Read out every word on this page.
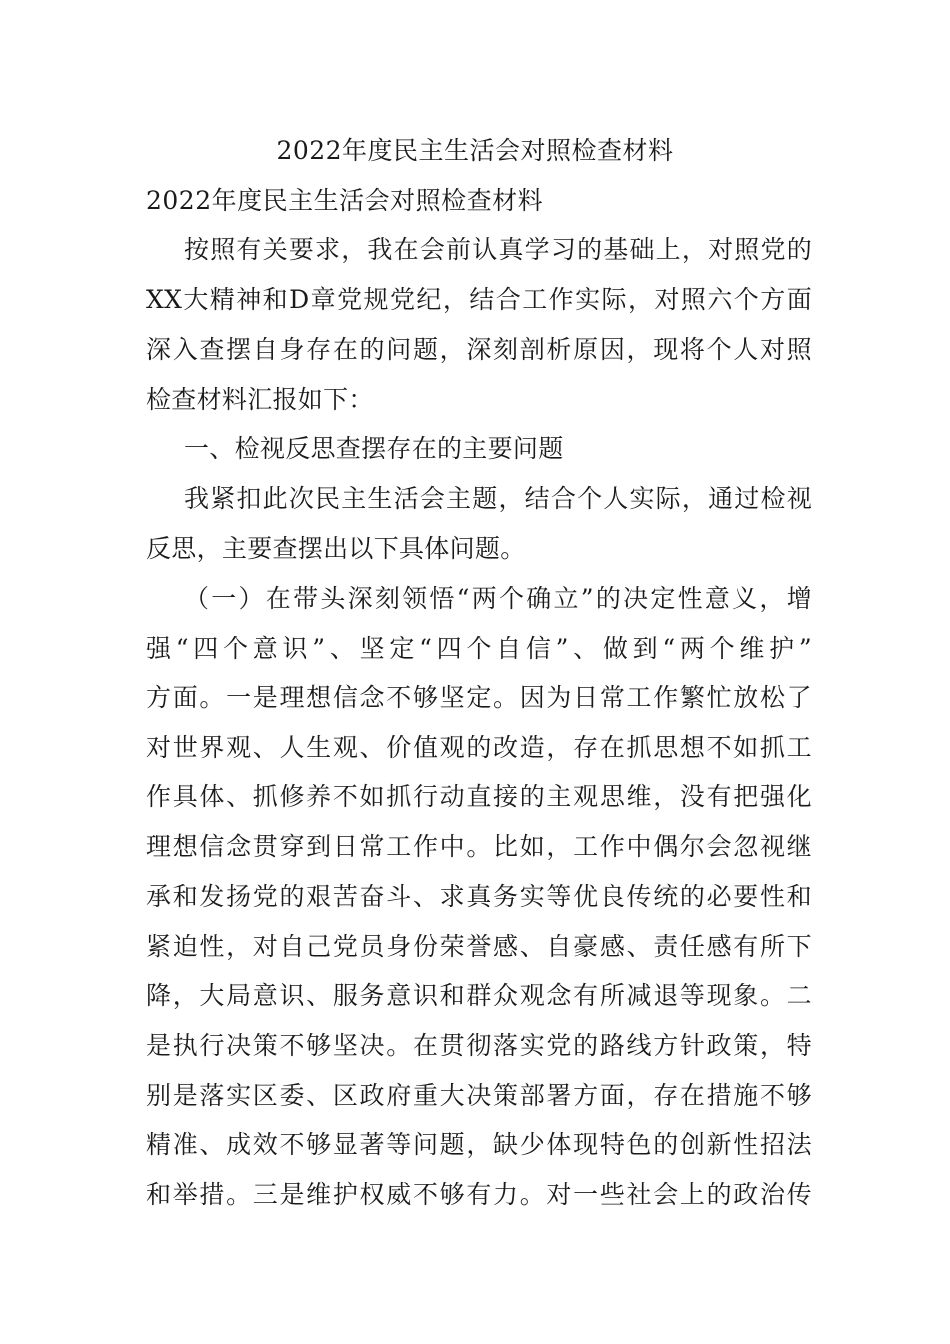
2022年度民主生活会对照检查材料
2022年度民主生活会对照检查材料
按照有关要求，我在会前认真学习的基础上，对照党的
XX大精神和D章党规党纪，结合工作实际，对照六个方面
深入查摆自身存在的问题，深刻剖析原因，现将个人对照
检查材料汇报如下：
一、检视反思查摆存在的主要问题
我紧扣此次民主生活会主题，结合个人实际，通过检视
反思，主要查摆出以下具体问题。
（一）在带头深刻领悟“两个确立”的决定性意义，增
强“四个意识”、坚定“四个自信”、做到“两个维护”
方面。一是理想信念不够坚定。因为日常工作繁忙放松了
对世界观、人生观、价值观的改造，存在抓思想不如抓工
作具体、抓修养不如抓行动直接的主观思维，没有把强化
理想信念贯穿到日常工作中。比如，工作中偶尔会忽视继
承和发扬党的艰苦奋斗、求真务实等优良传统的必要性和
紧迫性，对自己党员身份荣誉感、自豪感、责任感有所下
降，大局意识、服务意识和群众观念有所减退等现象。二
是执行决策不够坚决。在贯彻落实党的路线方针政策，特
别是落实区委、区政府重大决策部署方面，存在措施不够
精准、成效不够显著等问题，缺少体现特色的创新性招法
和举措。三是维护权威不够有力。对一些社会上的政治传
